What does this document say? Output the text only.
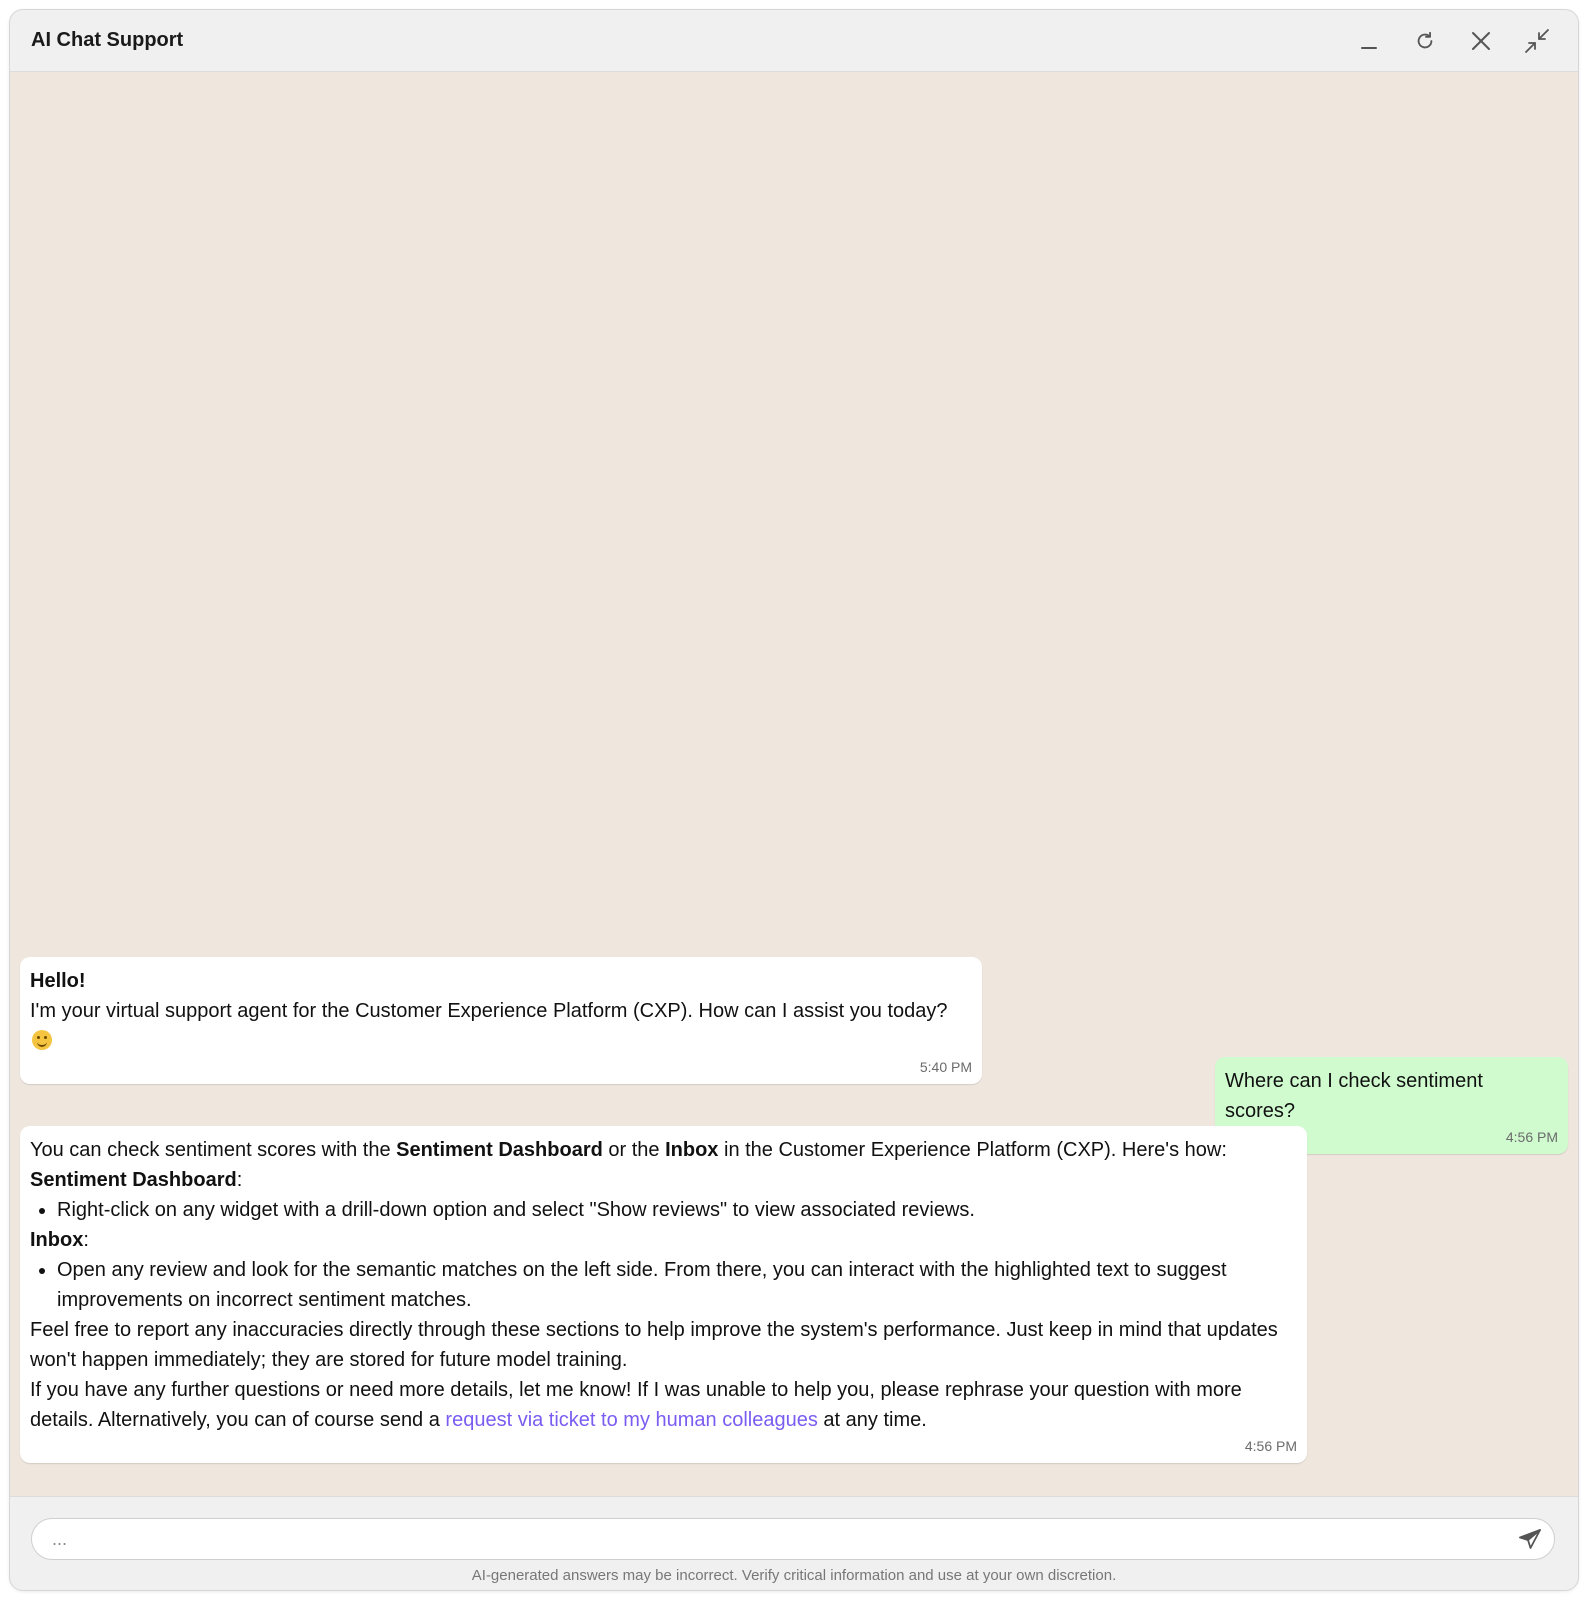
AI Chat Support

Hello!

I'm your virtual support agent for the Customer Experience Platform (CXP). How can I assist you today?

5:40 PM

Where can I check sentiment scores?

4:56 PM

You can check sentiment scores with the Sentiment Dashboard or the Inbox in the Customer Experience Platform (CXP). Here's how:

Sentiment Dashboard:

• Right-click on any widget with a drill-down option and select "Show reviews" to view associated reviews.

Inbox:

• Open any review and look for the semantic matches on the left side. From there, you can interact with the highlighted text to suggest improvements on incorrect sentiment matches.

Feel free to report any inaccuracies directly through these sections to help improve the system's performance. Just keep in mind that updates won't happen immediately; they are stored for future model training.

If you have any further questions or need more details, let me know! If I was unable to help you, please rephrase your question with more details. Alternatively, you can of course send a request via ticket to my human colleagues at any time.

4:56 PM
...
AI-generated answers may be incorrect. Verify critical information and use at your own discretion.
